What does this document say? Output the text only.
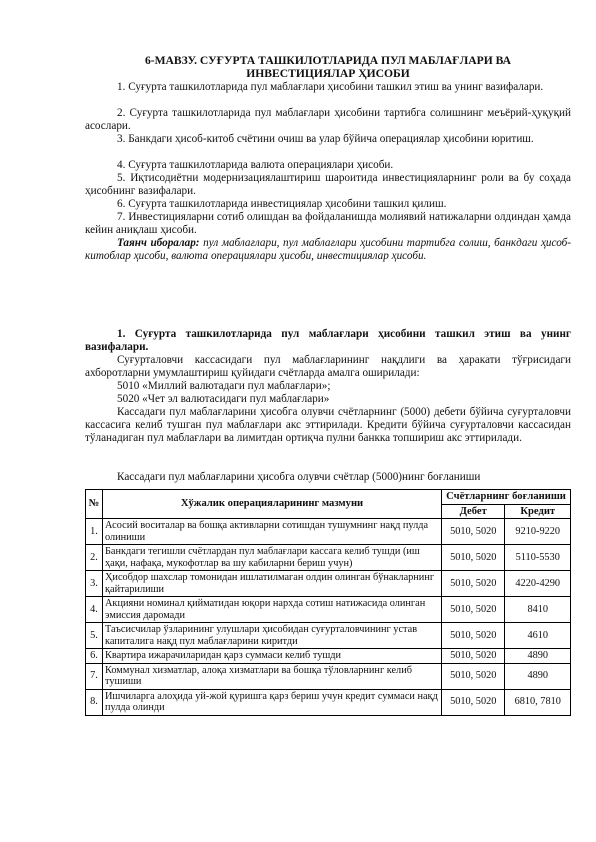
6-МАВЗУ. СУҒУРТА ТАШКИЛОТЛАРИДА ПУЛ МАБЛАҒЛАРИ ВА
ИНВЕСТИЦИЯЛАР ҲИСОБИ
1. Суғурта ташкилотларида пул маблағлари ҳисобини ташкил этиш ва унинг вазифалари.
2. Суғурта ташкилотларида пул маблағлари ҳисобини тартибга солишнинг меъёрий-ҳуқуқий асослари.
3. Банкдаги ҳисоб-китоб счётини очиш ва улар бўйича операциялар ҳисобини юритиш.
4. Суғурта ташкилотларида валюта операциялари ҳисоби.
5. Иқтисодиётни модернизациялаштириш шароитида инвестицияларнинг роли ва бу соҳада ҳисобнинг вазифалари.
6. Суғурта ташкилотларида инвестициялар ҳисобини ташкил қилиш.
7. Инвестицияларни сотиб олишдан ва фойдаланишда молиявий натижаларни олдиндан ҳамда кейин аниқлаш ҳисоби.
Таянч иборалар: пул маблағлари, пул маблағлари ҳисобини тартибга солиш, банкдаги ҳисоб-китоблар ҳисоби, валюта операциялари ҳисоби, инвестициялар ҳисоби.
1. Суғурта ташкилотларида пул маблағлари ҳисобини ташкил этиш ва унинг вазифалари.
Суғурталовчи кассасидаги пул маблағларининг нақдлиги ва ҳаракати тўғрисидаги ахборотларни умумлаштириш қуйидаги счётларда амалга оширилади:
5010 «Миллий валютадаги пул маблағлари»;
5020 «Чет эл валютасидаги пул маблағлари»
Кассадаги пул маблағларини ҳисобга олувчи счётларнинг (5000) дебети бўйича суғурталовчи кассасига келиб тушган пул маблағлари акс эттирилади. Кредити бўйича суғурталовчи кассасидан тўланадиган пул маблағлари ва лимитдан ортиқча пулни банкка топшириш акс эттирилади.
Кассадаги пул маблағларини ҳисобга олувчи счётлар (5000)нинг боғланиши
№	Хўжалик операцияларининг мазмуни	Счётларнинг боғланиши	
		Дебет	Кредит
1.	Асосий воситалар ва бошқа активларни сотишдан тушумнинг нақд пулда олиниши	5010, 5020	9210-9220
2.	Банкдаги тегишли счётлардан пул маблағлари кассага келиб тушди (иш ҳақи, нафақа, мукофотлар ва шу кабиларни бериш учун)	5010, 5020	5110-5530
3.	Ҳисобдор шахслар томонидан ишлатилмаган олдин олинган бўнакларнинг қайтарилиши	5010, 5020	4220-4290
4.	Акцияни номинал қийматидан юқори нархда сотиш натижасида олинган эмиссия даромади	5010, 5020	8410
5.	Таъсисчилар ўзларининг улушлари ҳисобидан суғурталовчининг устав капиталига нақд пул маблағларини киритди	5010, 5020	4610
6.	Квартира ижарачиларидан қарз суммаси келиб тушди	5010, 5020	4890
7.	Коммунал хизматлар, алоқа хизматлари ва бошқа тўловларнинг келиб тушиши	5010, 5020	4890
8.	Ишчиларга алоҳида уй-жой қуришга қарз бериш учун кредит суммаси нақд пулда олинди	5010, 5020	6810, 7810
